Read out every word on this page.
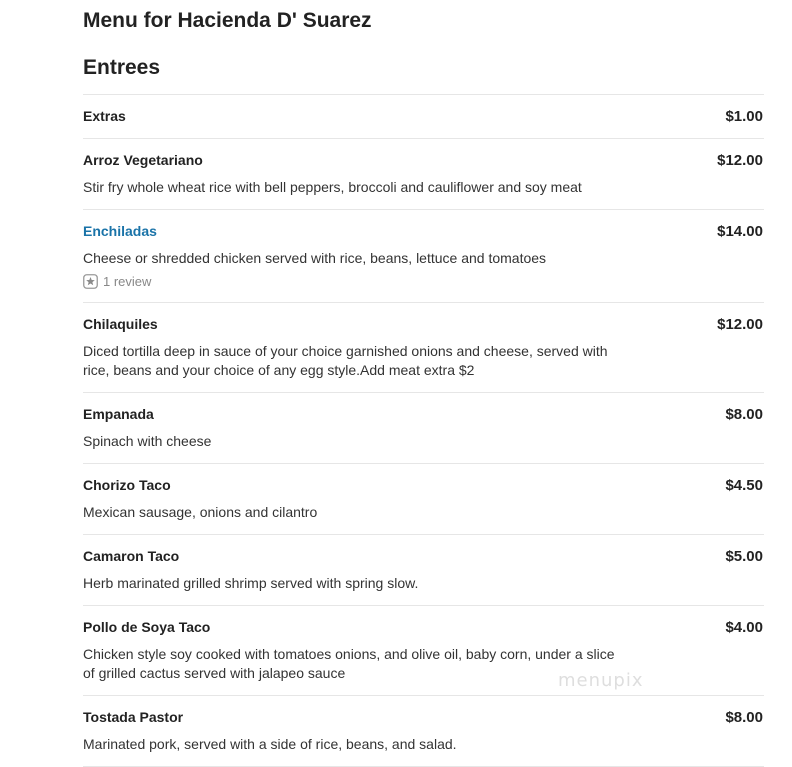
Menu for Hacienda D' Suarez
Entrees
Extras	$1.00
Arroz Vegetariano	$12.00
Stir fry whole wheat rice with bell peppers, broccoli and cauliflower and soy meat
Enchiladas	$14.00
Cheese or shredded chicken served with rice, beans, lettuce and tomatoes
1 review
Chilaquiles	$12.00
Diced tortilla deep in sauce of your choice garnished onions and cheese, served with rice, beans and your choice of any egg style.Add meat extra $2
Empanada	$8.00
Spinach with cheese
Chorizo Taco	$4.50
Mexican sausage, onions and cilantro
Camaron Taco	$5.00
Herb marinated grilled shrimp served with spring slow.
Pollo de Soya Taco	$4.00
Chicken style soy cooked with tomatoes onions, and olive oil, baby corn, under a slice of grilled cactus served with jalapeo sauce
Tostada Pastor	$8.00
Marinated pork, served with a side of rice, beans, and salad.
menupix
